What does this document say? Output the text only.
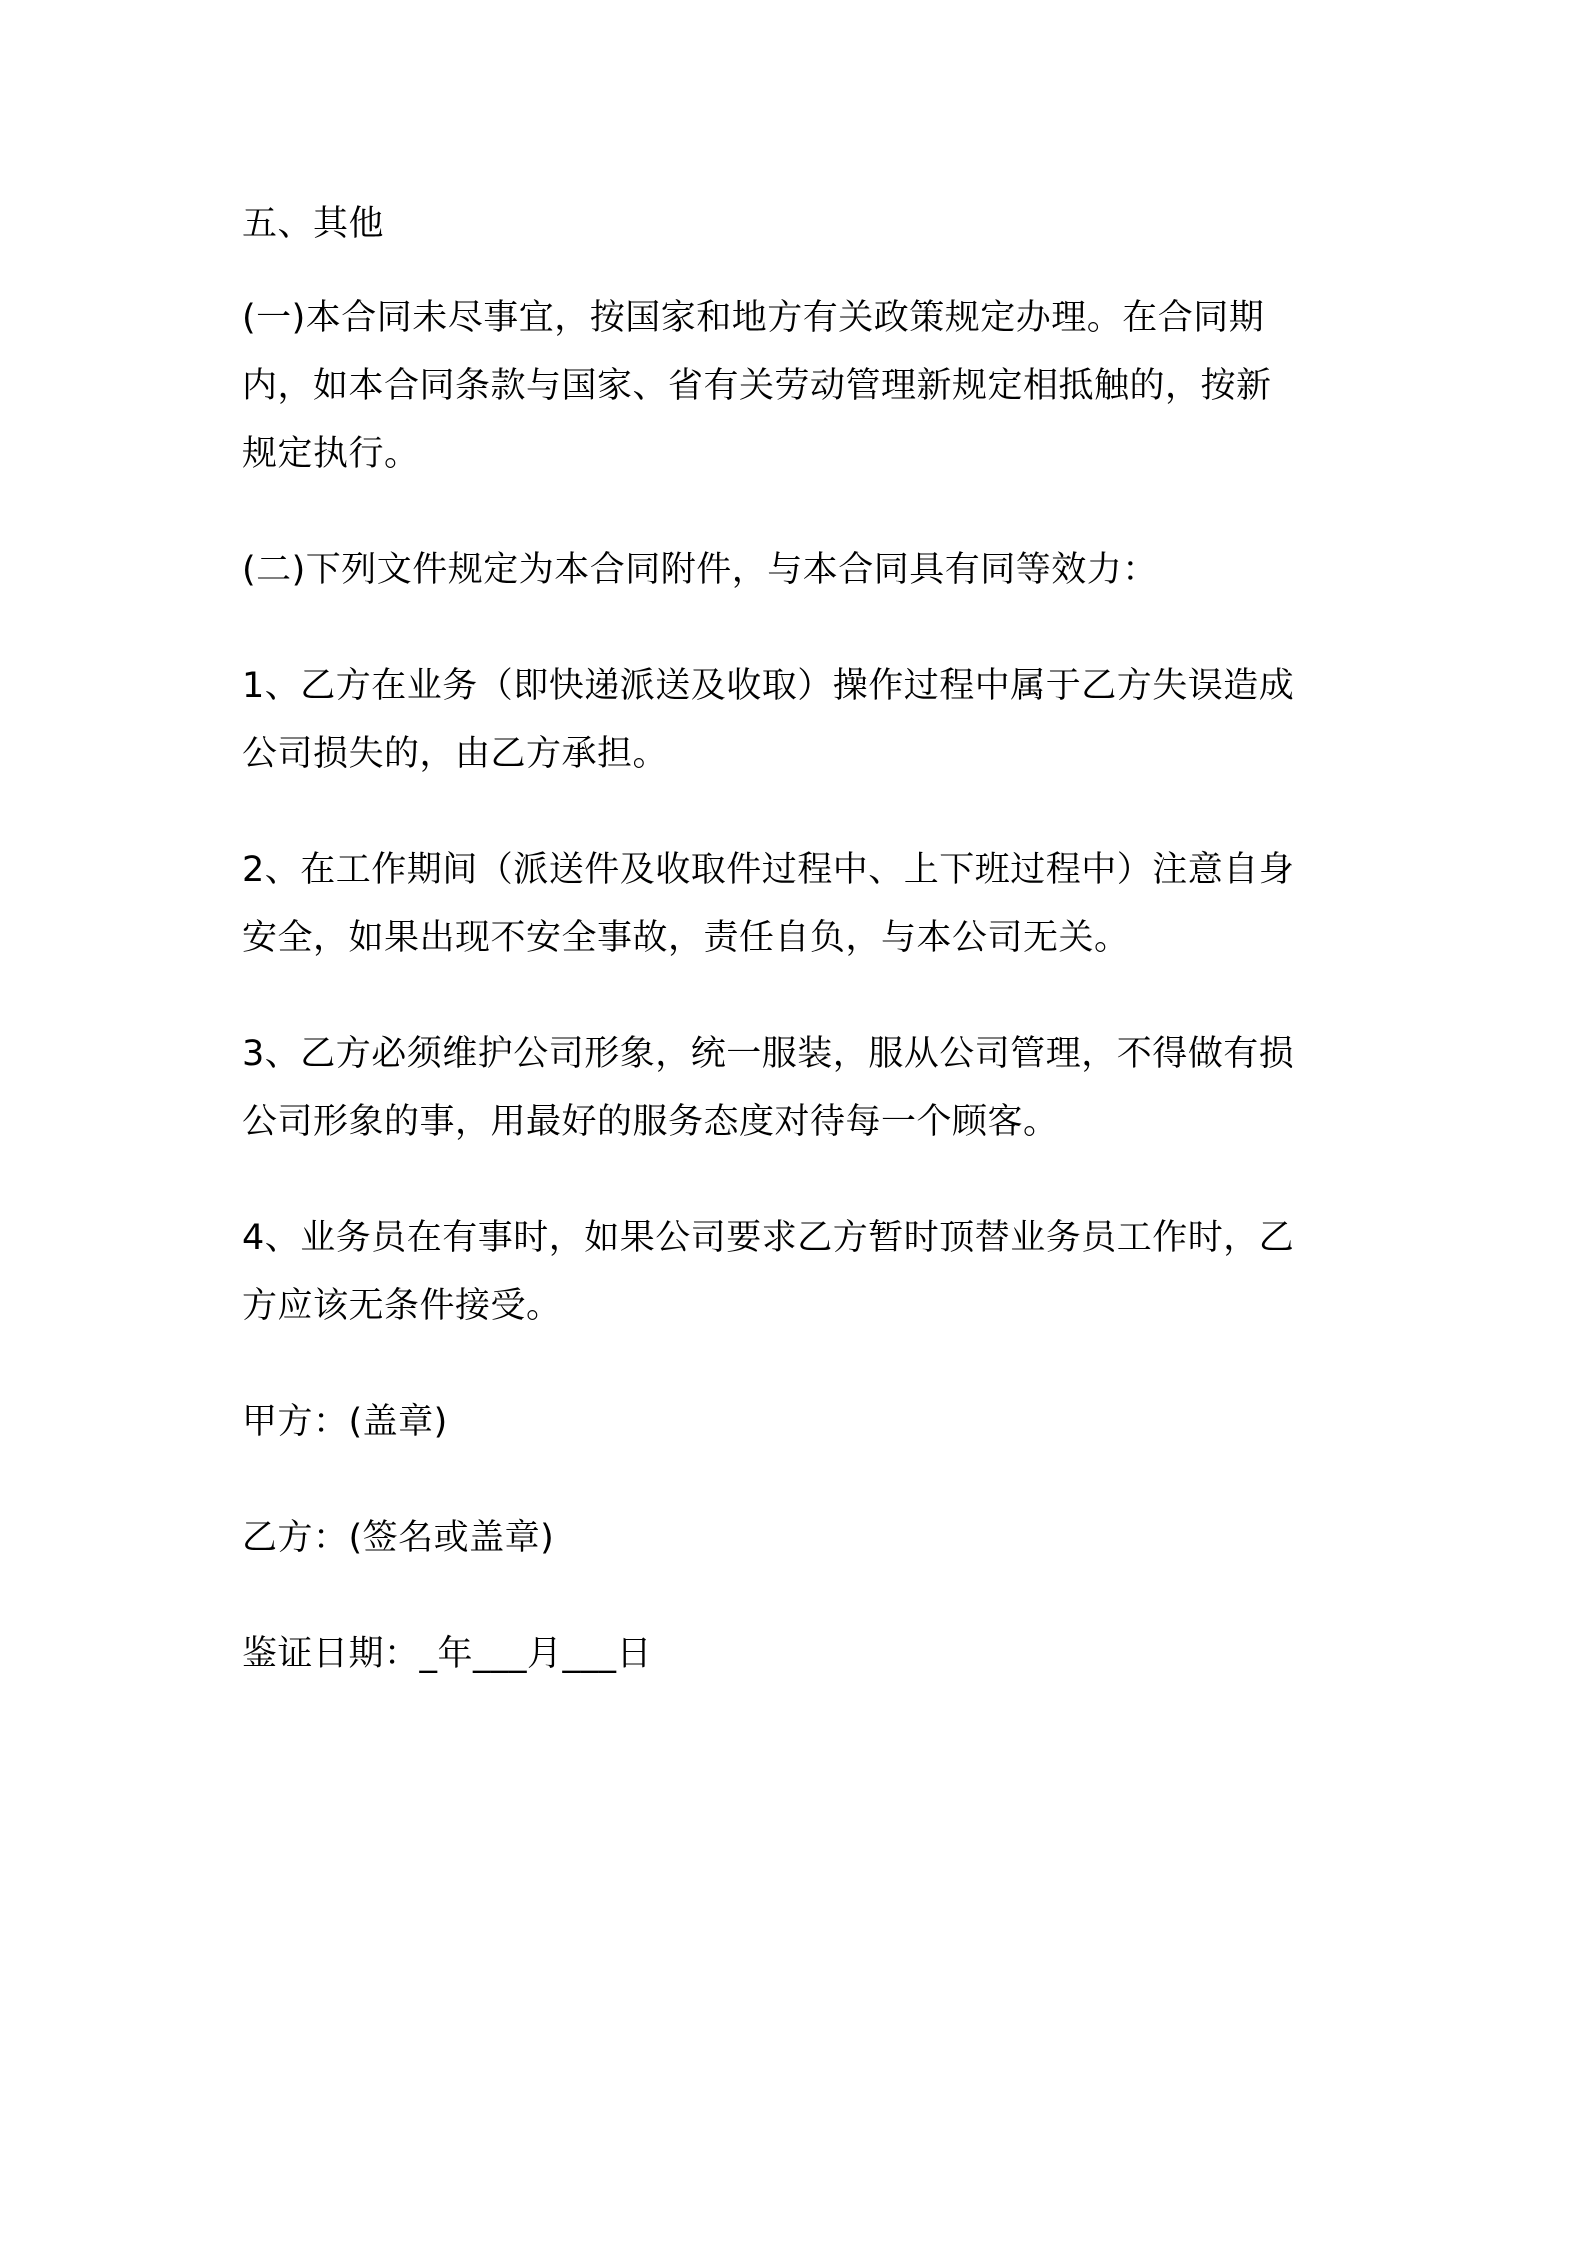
五、其他

(一)本合同未尽事宜，按国家和地方有关政策规定办理。在合同期
内，如本合同条款与国家、省有关劳动管理新规定相抵触的，按新
规定执行。

(二)下列文件规定为本合同附件，与本合同具有同等效力：

1、乙方在业务（即快递派送及收取）操作过程中属于乙方失误造成
公司损失的，由乙方承担。

2、在工作期间（派送件及收取件过程中、上下班过程中）注意自身
安全，如果出现不安全事故，责任自负，与本公司无关。

3、乙方必须维护公司形象，统一服装，服从公司管理，不得做有损
公司形象的事，用最好的服务态度对待每一个顾客。

4、业务员在有事时，如果公司要求乙方暂时顶替业务员工作时，乙
方应该无条件接受。

甲方：(盖章)

乙方：(签名或盖章)

鉴证日期：_年___月___日
